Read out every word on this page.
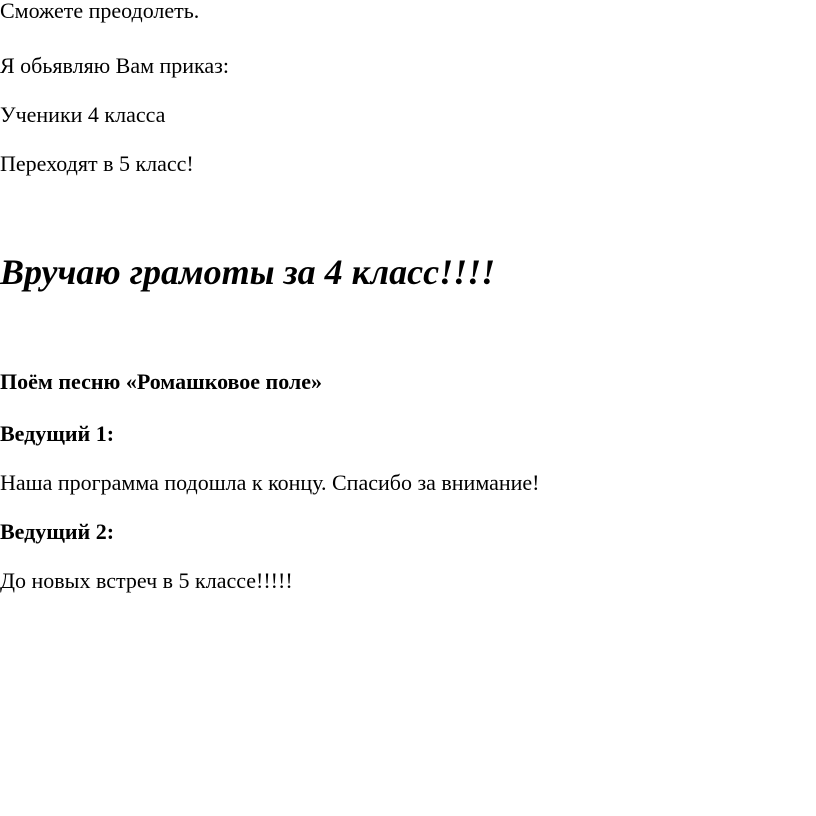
Сможете преодолеть.
Я обьявляю Вам приказ:
Ученики 4 класса
Переходят в 5 класс!
Вручаю грамоты за 4 класс!!!!
Поём песню «Ромашковое поле»
Ведущий 1:
Наша программа подошла к концу. Спасибо за внимание!
Ведущий 2:
До новых встреч в 5 классе!!!!!
